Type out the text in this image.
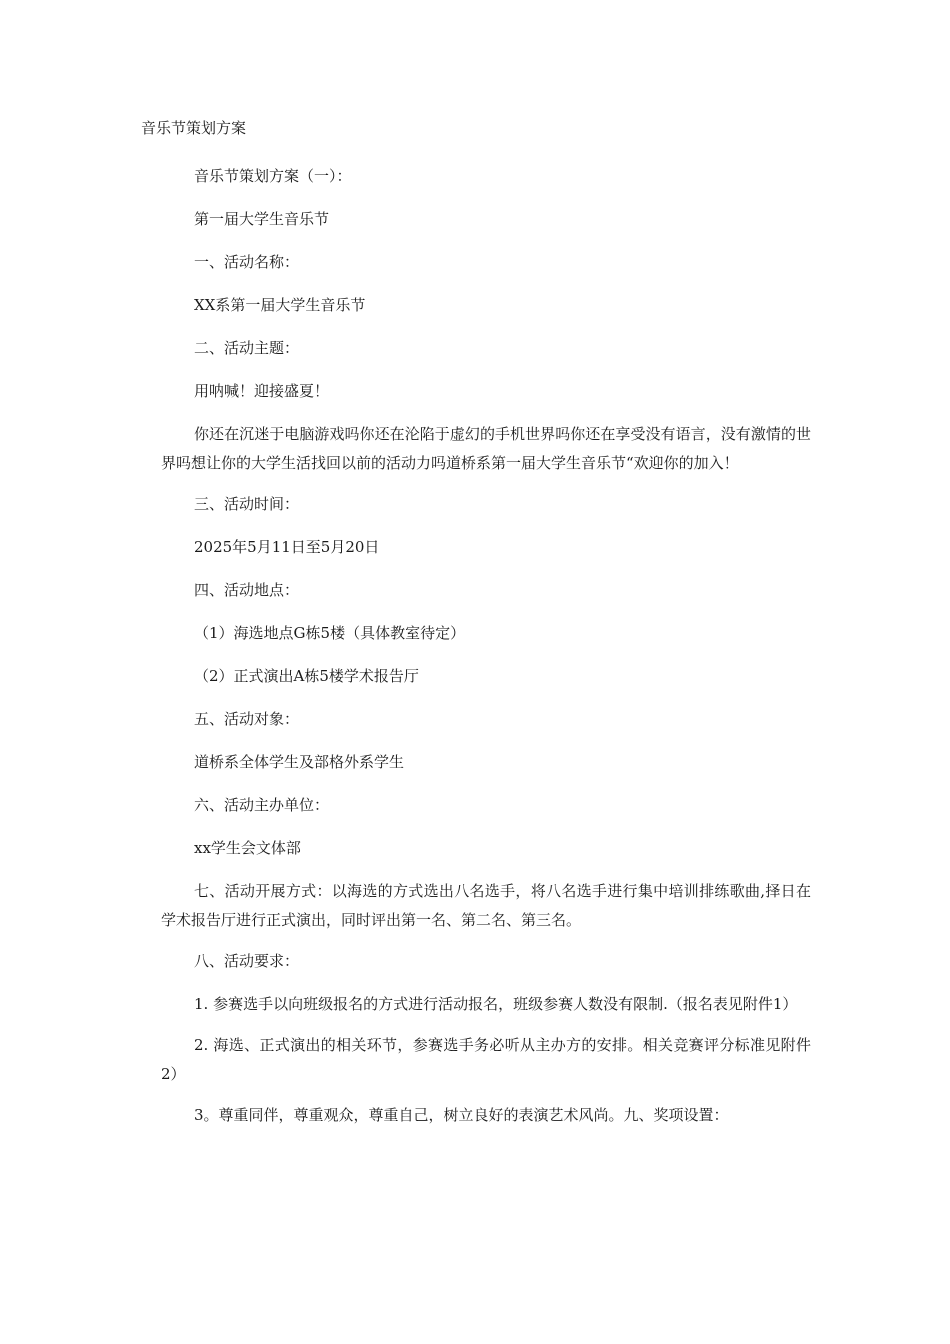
音乐节策划方案

音乐节策划方案（一）：

第一届大学生音乐节

一、活动名称：

XX系第一届大学生音乐节

二、活动主题：

用呐喊！迎接盛夏！

你还在沉迷于电脑游戏吗你还在沦陷于虚幻的手机世界吗你还在享受没有语言，没有激情的世界吗想让你的大学生活找回以前的活动力吗道桥系第一届大学生音乐节“欢迎你的加入！

三、活动时间：

2025年5月11日至5月20日

四、活动地点：

（1）海选地点G栋5楼（具体教室待定）

（2）正式演出A栋5楼学术报告厅

五、活动对象：

道桥系全体学生及部格外系学生

六、活动主办单位：

xx学生会文体部

七、活动开展方式：以海选的方式选出八名选手，将八名选手进行集中培训排练歌曲,择日在学术报告厅进行正式演出，同时评出第一名、第二名、第三名。

八、活动要求：

1. 参赛选手以向班级报名的方式进行活动报名，班级参赛人数没有限制.（报名表见附件1）

2. 海选、正式演出的相关环节，参赛选手务必听从主办方的安排。相关竞赛评分标准见附件2）

3。尊重同伴，尊重观众，尊重自己，树立良好的表演艺术风尚。九、奖项设置：
